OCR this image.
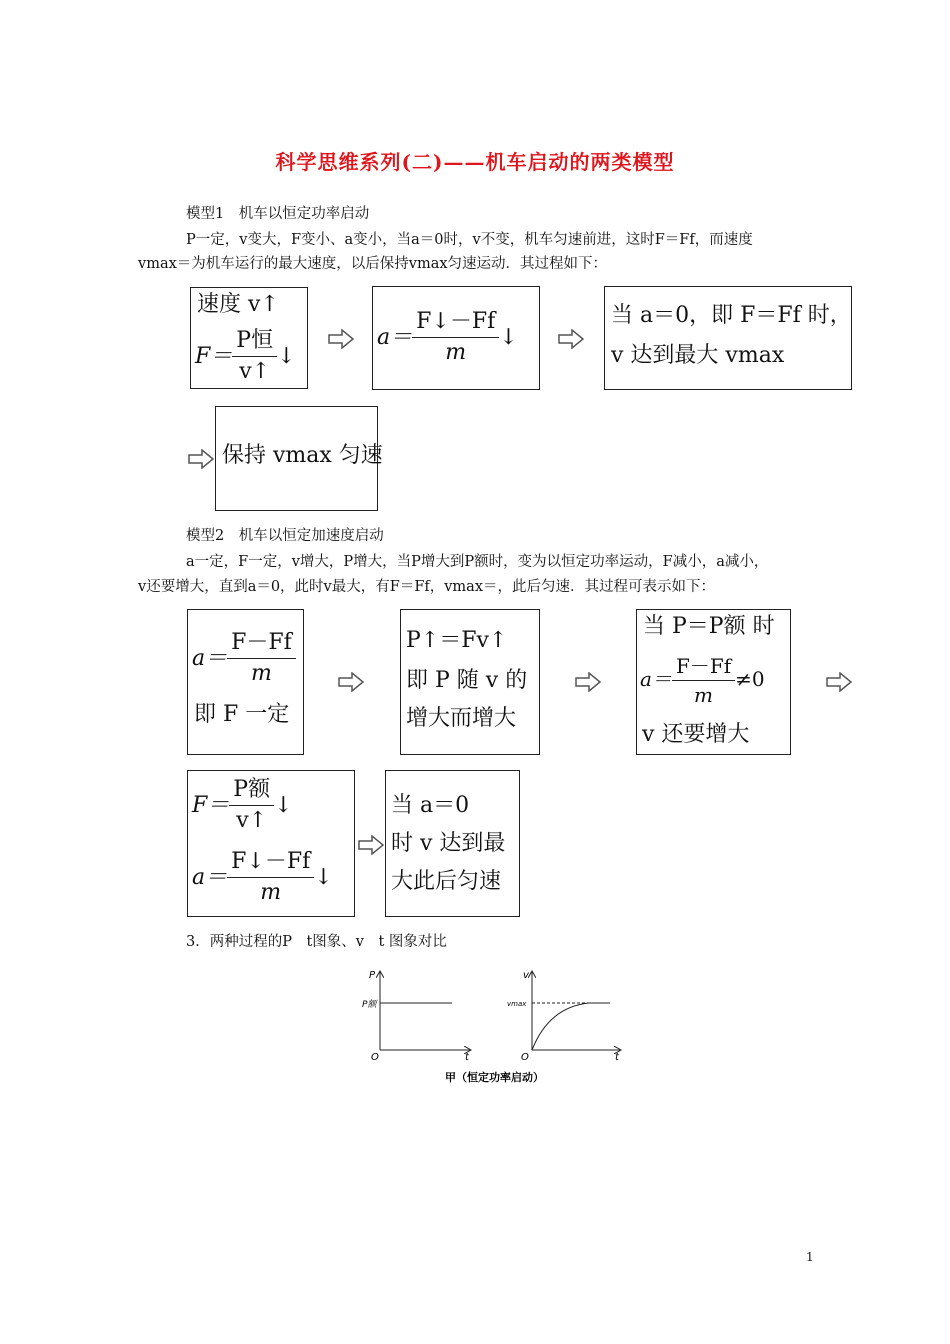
科学思维系列(二)——机车启动的两类模型
模型1　机车以恒定功率启动
P一定，v变大，F变小、a变小，当a＝0时，v不变，机车匀速前进，这时F＝Ff，而速度
vmax＝为机车运行的最大速度，以后保持vmax匀速运动．其过程如下：
速度 v↑
$F= \frac{\text{P恒}}{v↑}$ ↓
$a= \frac{F↓-Ff}{m}$ ↓
当 a＝0，即 F＝Ff 时，
v 达到最大 vmax
保持 vmax 匀速
模型2　机车以恒定加速度启动
a一定，F一定，v增大，P增大，当P增大到P额时，变为以恒定功率运动，F减小，a减小，
v还要增大，直到a＝0，此时v最大，有F＝Ff，vmax＝，此后匀速．其过程可表示如下：
$a= \frac{F-Ff}{m}$
即 F 一定
P↑＝Fv↑
即 P 随 v 的
增大而增大
当 P＝P额 时
$a= \frac{F-Ff}{m} \ne 0$
v 还要增大
$F= \frac{\text{P额}}{v↑}$ ↓
$a= \frac{F↓-Ff}{m}$ ↓
当 a＝0
时 v 达到最
大此后匀速
3．两种过程的P　t图象、v　t 图象对比
P
P额
O	t
v
vmax
O	t
甲（恒定功率启动）
1
